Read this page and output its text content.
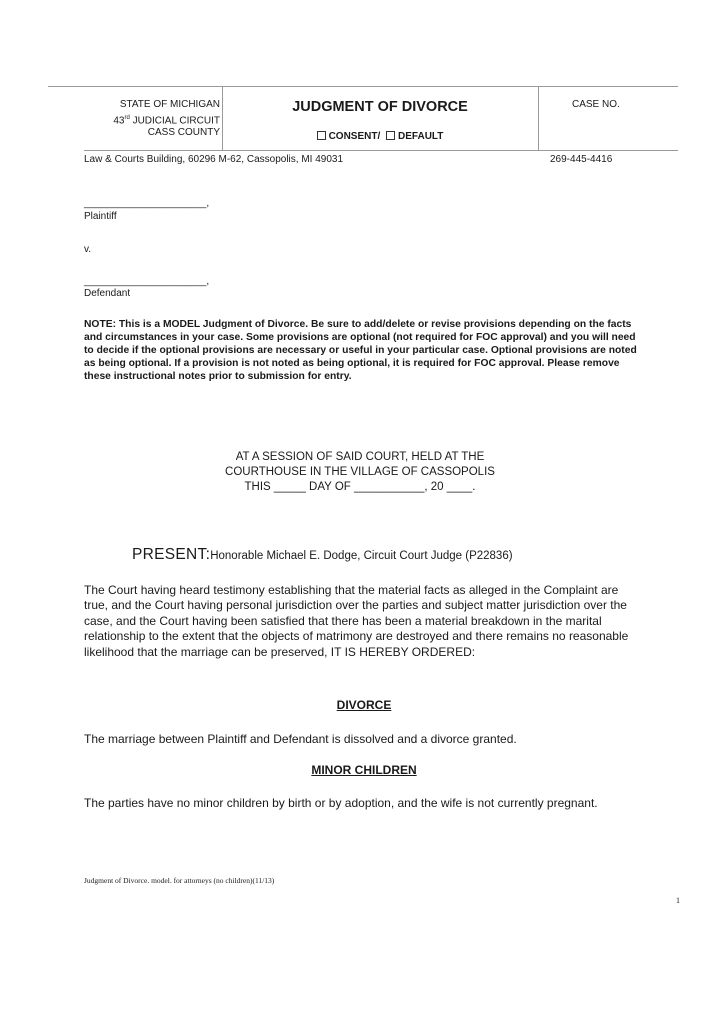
STATE OF MICHIGAN
43rd JUDICIAL CIRCUIT
CASS COUNTY
JUDGMENT OF DIVORCE
CONSENT/ DEFAULT
CASE NO.
Law & Courts Building, 60296 M-62, Cassopolis, MI 49031	269-445-4416
______________________,
Plaintiff
v.
______________________,
Defendant
NOTE: This is a MODEL Judgment of Divorce. Be sure to add/delete or revise provisions depending on the facts and circumstances in your case. Some provisions are optional (not required for FOC approval) and you will need to decide if the optional provisions are necessary or useful in your particular case. Optional provisions are noted as being optional. If a provision is not noted as being optional, it is required for FOC approval. Please remove these instructional notes prior to submission for entry.
AT A SESSION OF SAID COURT, HELD AT THE
COURTHOUSE IN THE VILLAGE OF CASSOPOLIS
THIS _____ DAY OF ___________, 20 ____.
PRESENT:Honorable Michael E. Dodge, Circuit Court Judge (P22836)
The Court having heard testimony establishing that the material facts as alleged in the Complaint are true, and the Court having personal jurisdiction over the parties and subject matter jurisdiction over the case, and the Court having been satisfied that there has been a material breakdown in the marital relationship to the extent that the objects of matrimony are destroyed and there remains no reasonable likelihood that the marriage can be preserved, IT IS HEREBY ORDERED:
DIVORCE
The marriage between Plaintiff and Defendant is dissolved and a divorce granted.
MINOR CHILDREN
The parties have no minor children by birth or by adoption, and the wife is not currently pregnant.
Judgment of Divorce. model. for attorneys (no children)(11/13)
1
